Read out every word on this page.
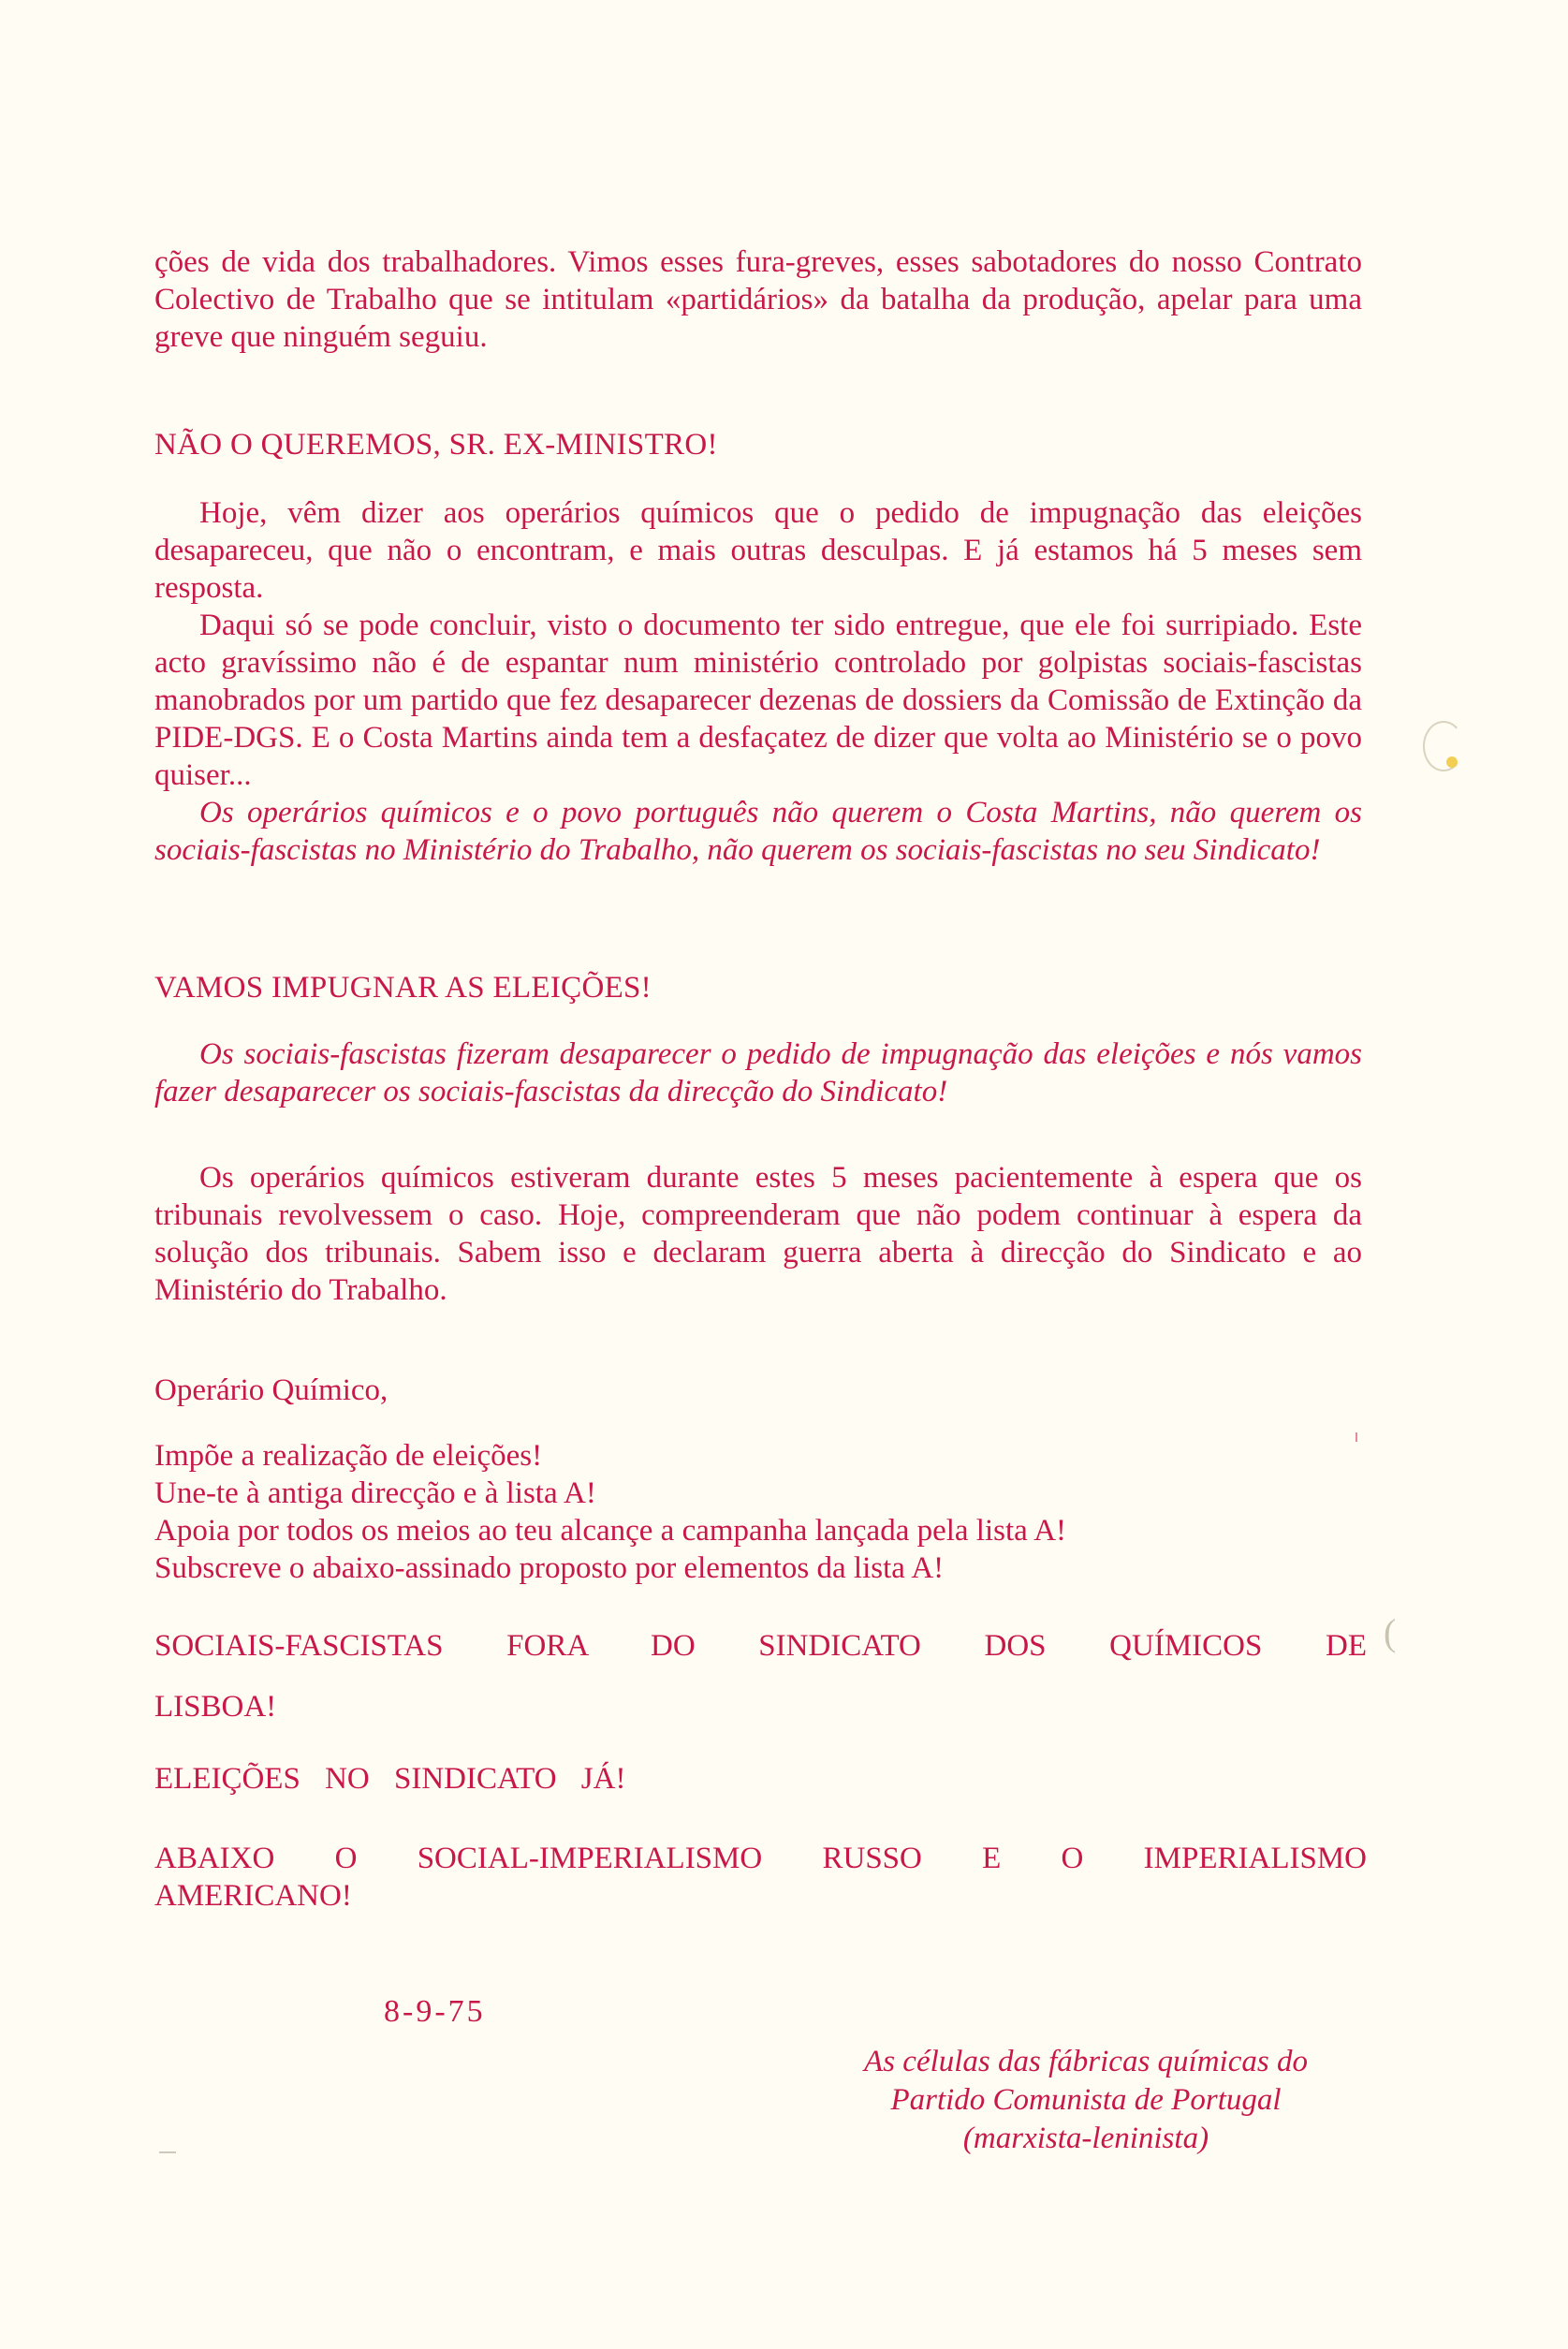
ções de vida dos trabalhadores. Vimos esses fura-greves, esses sabotadores do nosso Contrato Colectivo de Trabalho que se intitulam «partidários» da batalha da produção, apelar para uma greve que ninguém seguiu.

NÃO O QUEREMOS, SR. EX-MINISTRO!

Hoje, vêm dizer aos operários químicos que o pedido de impugnação das eleições desapareceu, que não o encontram, e mais outras desculpas. E já estamos há 5 meses sem resposta.

Daqui só se pode concluir, visto o documento ter sido entregue, que ele foi surripiado. Este acto gravíssimo não é de espantar num ministério controlado por golpistas sociais-fascistas manobrados por um partido que fez desaparecer dezenas de dossiers da Comissão de Extinção da PIDE-DGS. E o Costa Martins ainda tem a desfaçatez de dizer que volta ao Ministério se o povo quiser...

Os operários químicos e o povo português não querem o Costa Martins, não querem os sociais-fascistas no Ministério do Trabalho, não querem os sociais-fascistas no seu Sindicato!

VAMOS IMPUGNAR AS ELEIÇÕES!

Os sociais-fascistas fizeram desaparecer o pedido de impugnação das eleições e nós vamos fazer desaparecer os sociais-fascistas da direcção do Sindicato!

Os operários químicos estiveram durante estes 5 meses pacientemente à espera que os tribunais revolvessem o caso. Hoje, compreenderam que não podem continuar à espera da solução dos tribunais. Sabem isso e declaram guerra aberta à direcção do Sindicato e ao Ministério do Trabalho.

Operário Químico,

Impõe a realização de eleições!

Une-te à antiga direcção e à lista A!

Apoia por todos os meios ao teu alcançe a campanha lançada pela lista A!

Subscreve o abaixo-assinado proposto por elementos da lista A!

SOCIAIS-FASCISTAS FORA DO SINDICATO DOS QUÍMICOS DE

LISBOA!

ELEIÇÕES NO SINDICATO JÁ!

ABAIXO O SOCIAL-IMPERIALISMO RUSSO E O IMPERIALISMO

AMERICANO!

8-9-75
As células das fábricas químicas do
Partido Comunista de Portugal
(marxista-leninista)
(
